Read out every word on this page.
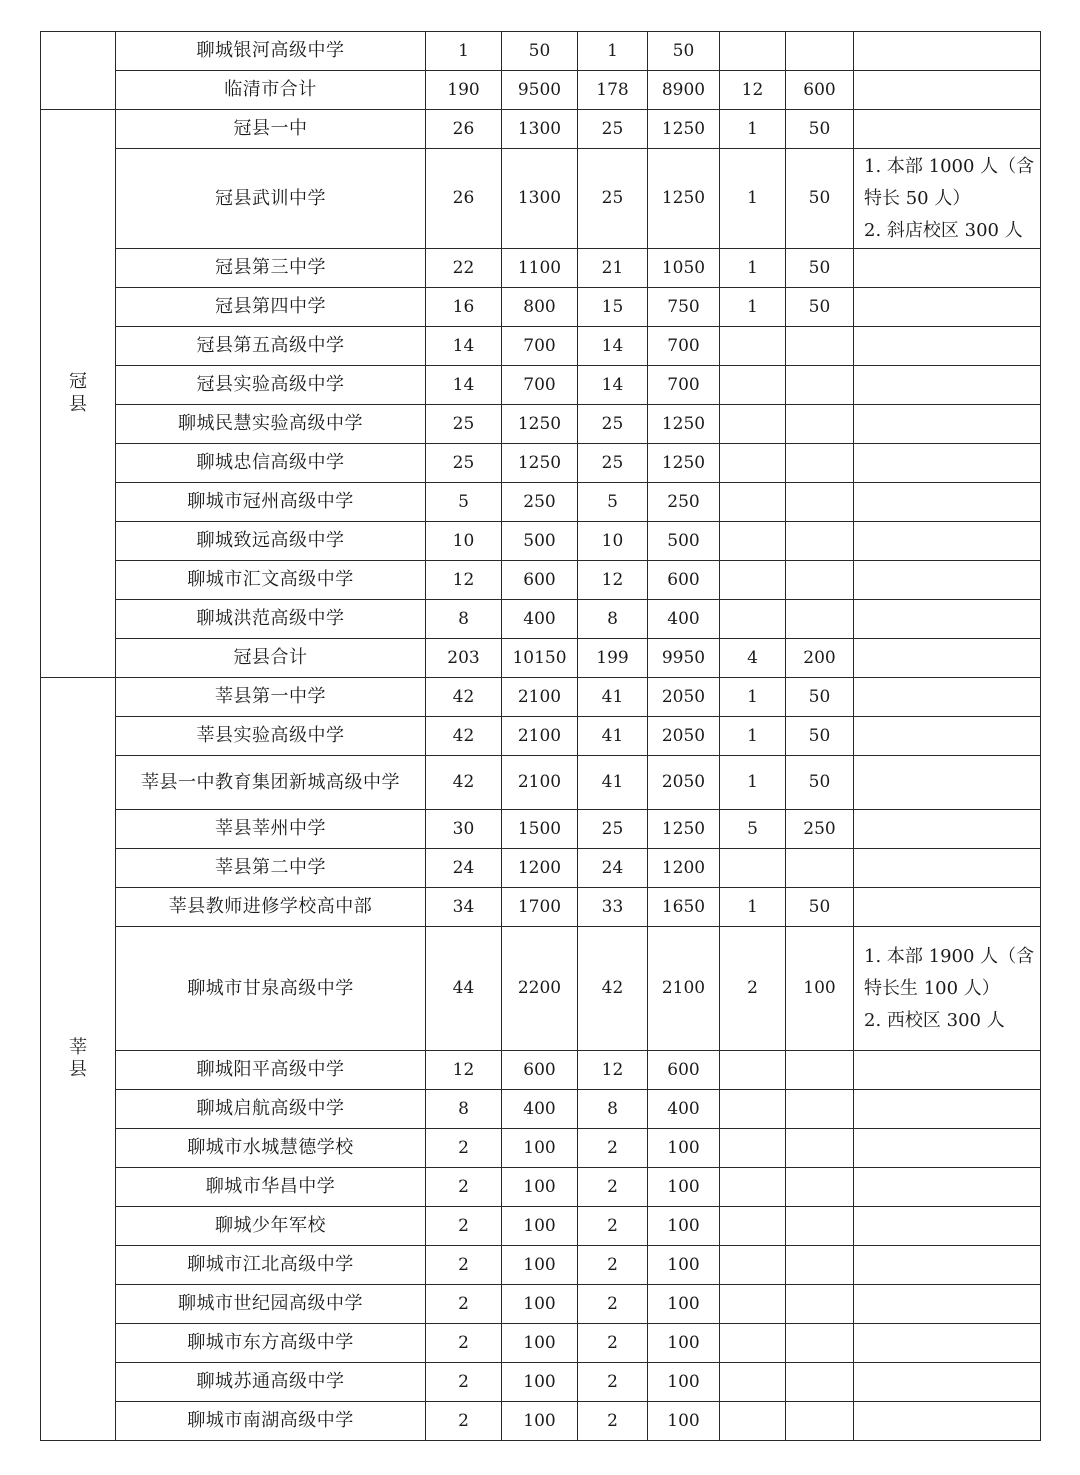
	聊城银河高级中学	1	50	1	50			
	临清市合计	190	9500	178	8900	12	600	

冠县	冠县一中	26	1300	25	1250	1	50	
	冠县武训中学	26	1300	25	1250	1	50	1. 本部 1000 人（含
特长 50 人）
2. 斜店校区 300 人

	冠县第三中学	22	1100	21	1050	1	50	
	冠县第四中学	16	800	15	750	1	50	
	冠县第五高级中学	14	700	14	700			
	冠县实验高级中学	14	700	14	700			
	聊城民慧实验高级中学	25	1250	25	1250			
	聊城忠信高级中学	25	1250	25	1250			
	聊城市冠州高级中学	5	250	5	250			
	聊城致远高级中学	10	500	10	500			
	聊城市汇文高级中学	12	600	12	600			
	聊城洪范高级中学	8	400	8	400			
	冠县合计	203	10150	199	9950	4	200	

莘县	莘县第一中学	42	2100	41	2050	1	50	
	莘县实验高级中学	42	2100	41	2050	1	50	
	莘县一中教育集团新城高级中学	42	2100	41	2050	1	50	
	莘县莘州中学	30	1500	25	1250	5	250	
	莘县第二中学	24	1200	24	1200			
	莘县教师进修学校高中部	34	1700	33	1650	1	50	
	聊城市甘泉高级中学	44	2200	42	2100	2	100	1. 本部 1900 人（含
特长生 100 人）
2. 西校区 300 人

	聊城阳平高级中学	12	600	12	600			
	聊城启航高级中学	8	400	8	400			
	聊城市水城慧德学校	2	100	2	100			
	聊城市华昌中学	2	100	2	100			
	聊城少年军校	2	100	2	100			
	聊城市江北高级中学	2	100	2	100			
	聊城市世纪园高级中学	2	100	2	100			
	聊城市东方高级中学	2	100	2	100			
	聊城苏通高级中学	2	100	2	100			
	聊城市南湖高级中学	2	100	2	100			
